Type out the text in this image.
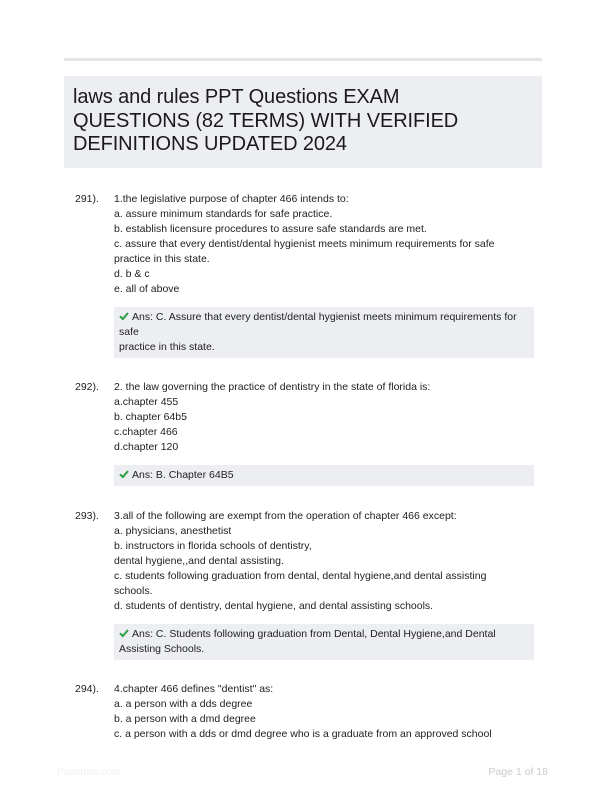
laws and rules PPT Questions EXAM
QUESTIONS (82 TERMS) WITH VERIFIED
DEFINITIONS UPDATED 2024
291). 1.the legislative purpose of chapter 466 intends to:
a. assure minimum standards for safe practice.
b. establish licensure procedures to assure safe standards are met.
c. assure that every dentist/dental hygienist meets minimum requirements for safe
practice in this state.
d. b & c
e. all of above
Ans: C. Assure that every dentist/dental hygienist meets minimum requirements for
safe
practice in this state.
292). 2. the law governing the practice of dentistry in the state of florida is:
a.chapter 455
b. chapter 64b5
c.chapter 466
d.chapter 120
Ans: B. Chapter 64B5
293). 3.all of the following are exempt from the operation of chapter 466 except:
a. physicians, anesthetist
b. instructors in florida schools of dentistry,
dental hygiene,,and dental assisting.
c. students following graduation from dental, dental hygiene,and dental assisting
schools.
d. students of dentistry, dental hygiene, and dental assisting schools.
Ans: C. Students following graduation from Dental, Dental Hygiene,and Dental
Assisting Schools.
294). 4.chapter 466 defines "dentist" as:
a. a person with a dds degree
b. a person with a dmd degree
c. a person with a dds or dmd degree who is a graduate from an approved school
Paperlibs.com	Page 1 of 18
